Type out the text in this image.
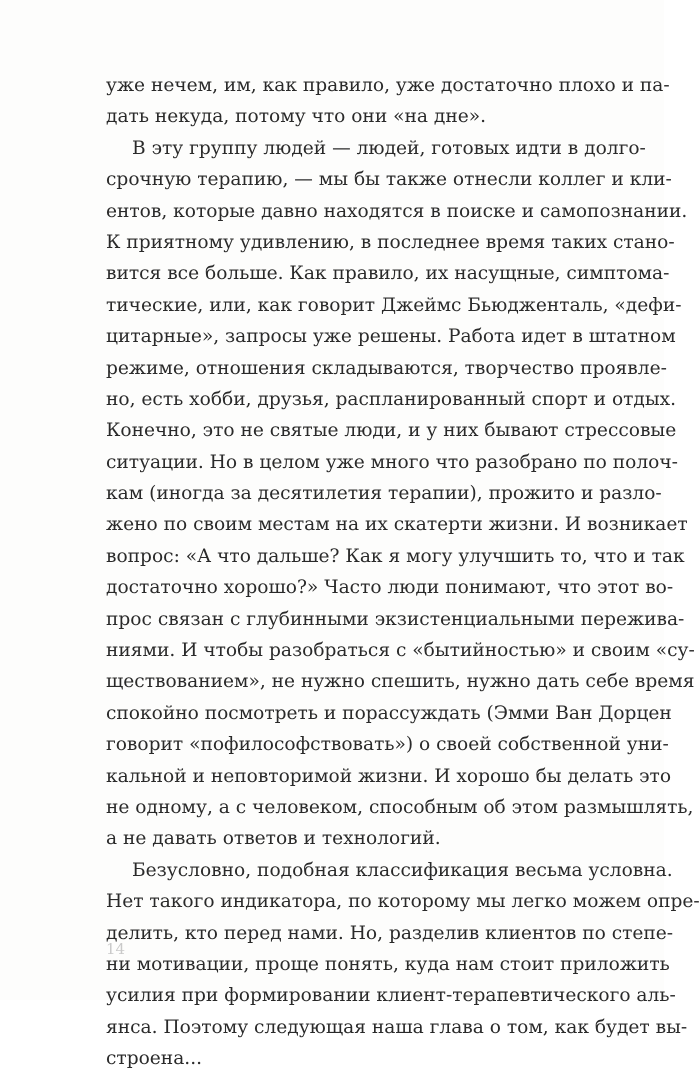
уже нечем, им, как правило, уже достаточно плохо и па-
дать некуда, потому что они «на дне».
В эту группу людей — людей, готовых идти в долго-
срочную терапию, — мы бы также отнесли коллег и кли-
ентов, которые давно находятся в поиске и самопознании.
К приятному удивлению, в последнее время таких стано-
вится все больше. Как правило, их насущные, симптома-
тические, или, как говорит Джеймс Бьюдженталь, «дефи-
цитарные», запросы уже решены. Работа идет в штатном
режиме, отношения складываются, творчество проявле-
но, есть хобби, друзья, распланированный спорт и отдых.
Конечно, это не святые люди, и у них бывают стрессовые
ситуации. Но в целом уже много что разобрано по полоч-
кам (иногда за десятилетия терапии), прожито и разло-
жено по своим местам на их скатерти жизни. И возникает
вопрос: «А что дальше? Как я могу улучшить то, что и так
достаточно хорошо?» Часто люди понимают, что этот во-
прос связан с глубинными экзистенциальными пережива-
ниями. И чтобы разобраться с «бытийностью» и своим «су-
ществованием», не нужно спешить, нужно дать себе время
спокойно посмотреть и порассуждать (Эмми Ван Дорцен
говорит «пофилософствовать») о своей собственной уни-
кальной и неповторимой жизни. И хорошо бы делать это
не одному, а с человеком, способным об этом размышлять,
а не давать ответов и технологий.
Безусловно, подобная классификация весьма условна.
Нет такого индикатора, по которому мы легко можем опре-
делить, кто перед нами. Но, разделив клиентов по степе-
ни мотивации, проще понять, куда нам стоит приложить
усилия при формировании клиент-терапевтического аль-
янса. Поэтому следующая наша глава о том, как будет вы-
строена...
14
